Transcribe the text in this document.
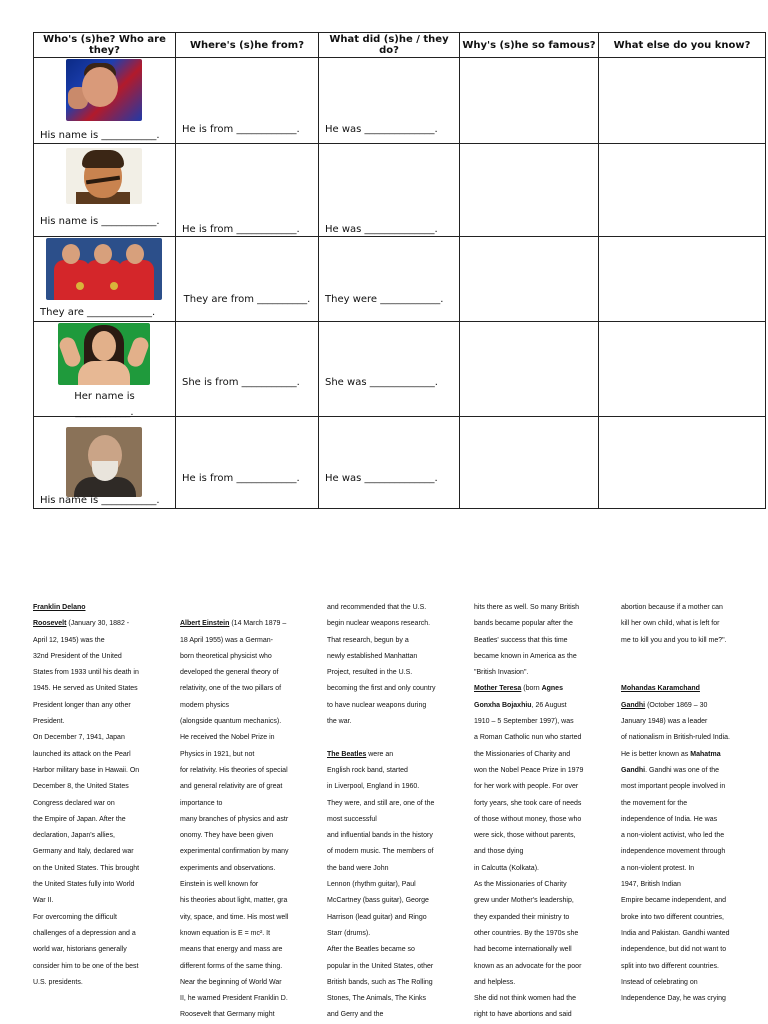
Who's (s)he? Who are they?	Where's (s)he from?	What did (s)he / they do?	Why's (s)he so famous?	What else do you know?

His name is ___________.	He is from ____________.	He was ______________.		

His name is ___________.	He is from ____________.	He was ______________.		

They are _____________.	They are from __________.	They were ____________.		

Her name is ___________.	She is from ___________.	She was _____________.		

His name is ___________.	He is from ____________.	He was ______________.		

Franklin Delano

Roosevelt (January 30, 1882 -

April 12, 1945) was the

32nd President of the United

States from 1933 until his death in

1945. He served as United States

President longer than any other

President.

On December 7, 1941, Japan

launched its attack on the Pearl

Harbor military base in Hawaii. On

December 8, the United States

Congress declared war on

the Empire of Japan. After the

declaration, Japan's allies,

Germany and Italy, declared war

on the United States. This brought

the United States fully into World

War II.

For overcoming the difficult

challenges of a depression and a

world war, historians generally

consider him to be one of the best

U.S. presidents.

Albert Einstein (14 March 1879 –

18 April 1955) was a German-

born theoretical physicist who

developed the general theory of

relativity, one of the two pillars of

modern physics

(alongside quantum mechanics).

He received the Nobel Prize in

Physics in 1921, but not

for relativity. His theories of special

and general relativity are of great

importance to

many branches of physics and astr

onomy. They have been given

experimental confirmation by many

experiments and observations.

Einstein is well known for

his theories about light, matter, gra

vity, space, and time. His most well

known equation is E = mc². It

means that energy and mass are

different forms of the same thing.

Near the beginning of World War

II, he warned President Franklin D.

Roosevelt that Germany might

and recommended that the U.S.

begin nuclear weapons research.

That research, begun by a

newly established Manhattan

Project, resulted in the U.S.

becoming the first and only country

to have nuclear weapons during

the war.

The Beatles were an

English rock band, started

in Liverpool, England in 1960.

They were, and still are, one of the

most successful

and influential bands in the history

of modern music. The members of

the band were John

Lennon (rhythm guitar), Paul

McCartney (bass guitar), George

Harrison (lead guitar) and Ringo

Starr (drums).

After the Beatles became so

popular in the United States, other

British bands, such as The Rolling

Stones, The Animals, The Kinks

and Gerry and the

hits there as well. So many British

bands became popular after the

Beatles' success that this time

became known in America as the

"British Invasion".

Mother Teresa (born Agnes

Gonxha Bojaxhiu, 26 August

1910 – 5 September 1997), was

a Roman Catholic nun who started

the Missionaries of Charity and

won the Nobel Peace Prize in 1979

for her work with people. For over

forty years, she took care of needs

of those without money, those who

were sick, those without parents,

and those dying

in Calcutta (Kolkata).

As the Missionaries of Charity

grew under Mother's leadership,

they expanded their ministry to

other countries. By the 1970s she

had become internationally well

known as an advocate for the poor

and helpless.

She did not think women had the

right to have abortions and said

abortion because if a mother can

kill her own child, what is left for

me to kill you and you to kill me?".

Mohandas Karamchand

Gandhi (October 1869 – 30

January 1948) was a leader

of nationalism in British-ruled India.

He is better known as Mahatma

Gandhi. Gandhi was one of the

most important people involved in

the movement for the

independence of India. He was

a non-violent activist, who led the

independence movement through

a non-violent protest. In

1947, British Indian

Empire became independent, and

broke into two different countries,

India and Pakistan. Gandhi wanted

independence, but did not want to

split into two different countries.

Instead of celebrating on

Independence Day, he was crying
